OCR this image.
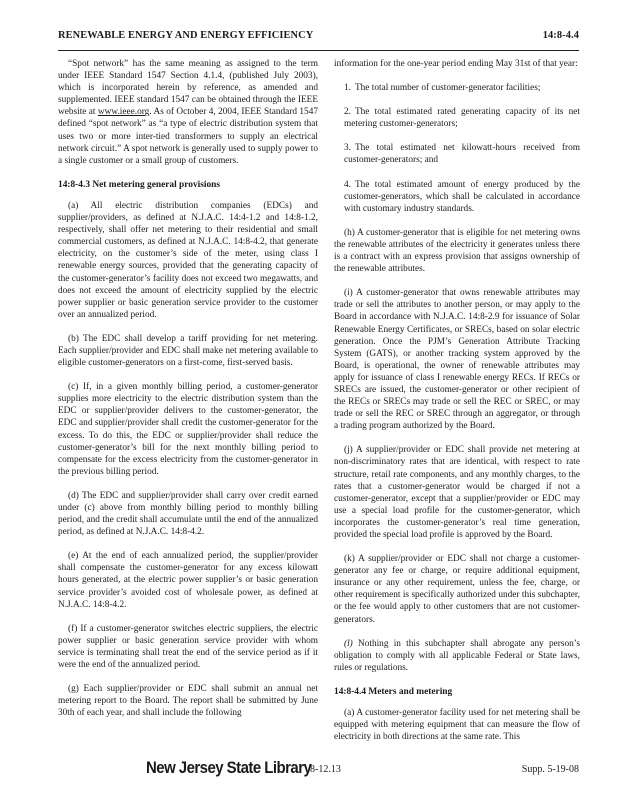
RENEWABLE ENERGY AND ENERGY EFFICIENCY	14:8-4.4

“Spot network” has the same meaning as assigned to the term under IEEE Standard 1547 Section 4.1.4, (published July 2003), which is incorporated herein by reference, as amended and supplemented. IEEE standard 1547 can be obtained through the IEEE website at www.ieee.org. As of October 4, 2004, IEEE Standard 1547 defined “spot network” as “a type of electric distribution system that uses two or more inter-tied transformers to supply an electrical network circuit.” A spot network is generally used to supply power to a single customer or a small group of customers.

14:8-4.3 Net metering general provisions

(a) All electric distribution companies (EDCs) and supplier/providers, as defined at N.J.A.C. 14:4-1.2 and 14:8-1.2, respectively, shall offer net metering to their residential and small commercial customers, as defined at N.J.A.C. 14:8-4.2, that generate electricity, on the customer’s side of the meter, using class I renewable energy sources, provided that the generating capacity of the customer-generator’s facility does not exceed two megawatts, and does not exceed the amount of electricity supplied by the electric power supplier or basic generation service provider to the customer over an annualized period.

(b) The EDC shall develop a tariff providing for net metering. Each supplier/provider and EDC shall make net metering available to eligible customer-generators on a first-come, first-served basis.

(c) If, in a given monthly billing period, a customer-generator supplies more electricity to the electric distribution system than the EDC or supplier/provider delivers to the customer-generator, the EDC and supplier/provider shall credit the customer-generator for the excess. To do this, the EDC or supplier/provider shall reduce the customer-generator’s bill for the next monthly billing period to compensate for the excess electricity from the customer-generator in the previous billing period.

(d) The EDC and supplier/provider shall carry over credit earned under (c) above from monthly billing period to monthly billing period, and the credit shall accumulate until the end of the annualized period, as defined at N.J.A.C. 14:8-4.2.

(e) At the end of each annualized period, the supplier/provider shall compensate the customer-generator for any excess kilowatt hours generated, at the electric power supplier’s or basic generation service provider’s avoided cost of wholesale power, as defined at N.J.A.C. 14:8-4.2.

(f) If a customer-generator switches electric suppliers, the electric power supplier or basic generation service provider with whom service is terminating shall treat the end of the service period as if it were the end of the annualized period.

(g) Each supplier/provider or EDC shall submit an annual net metering report to the Board. The report shall be submitted by June 30th of each year, and shall include the following

information for the one-year period ending May 31st of that year:

1. The total number of customer-generator facilities;

2. The total estimated rated generating capacity of its net metering customer-generators;

3. The total estimated net kilowatt-hours received from customer-generators; and

4. The total estimated amount of energy produced by the customer-generators, which shall be calculated in accordance with customary industry standards.

(h) A customer-generator that is eligible for net metering owns the renewable attributes of the electricity it generates unless there is a contract with an express provision that assigns ownership of the renewable attributes.

(i) A customer-generator that owns renewable attributes may trade or sell the attributes to another person, or may apply to the Board in accordance with N.J.A.C. 14:8-2.9 for issuance of Solar Renewable Energy Certificates, or SRECs, based on solar electric generation. Once the PJM’s Generation Attribute Tracking System (GATS), or another tracking system approved by the Board, is operational, the owner of renewable attributes may apply for issuance of class I renewable energy RECs. If RECs or SRECs are issued, the customer-generator or other recipient of the RECs or SRECs may trade or sell the REC or SREC, or may trade or sell the REC or SREC through an aggregator, or through a trading program authorized by the Board.

(j) A supplier/provider or EDC shall provide net metering at non-discriminatory rates that are identical, with respect to rate structure, retail rate components, and any monthly charges, to the rates that a customer-generator would be charged if not a customer-generator, except that a supplier/provider or EDC may use a special load profile for the customer-generator, which incorporates the customer-generator’s real time generation, provided the special load profile is approved by the Board.

(k) A supplier/provider or EDC shall not charge a customer-generator any fee or charge, or require additional equipment, insurance or any other requirement, unless the fee, charge, or other requirement is specifically authorized under this subchapter, or the fee would apply to other customers that are not customer-generators.

(l) Nothing in this subchapter shall abrogate any person’s obligation to comply with all applicable Federal or State laws, rules or regulations.

14:8-4.4 Meters and metering

(a) A customer-generator facility used for net metering shall be equipped with metering equipment that can measure the flow of electricity in both directions at the same rate. This

New Jersey State Library
8-12.13	Supp. 5-19-08
